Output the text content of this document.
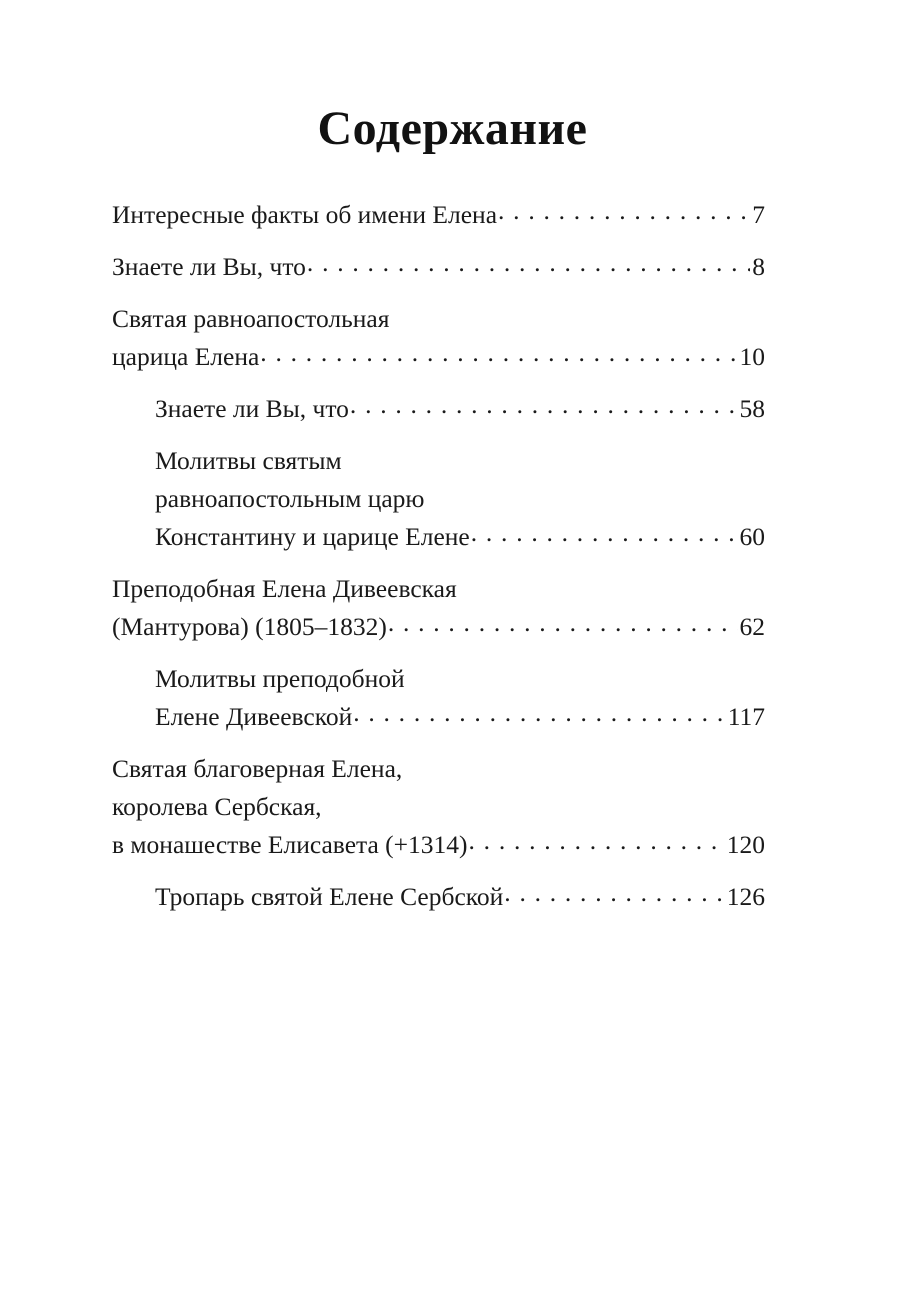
Содержание
Интересные факты об имени Елена . . .	7
Знаете ли Вы, что . . .	8
Святая равноапостольная
царица Елена . . .	10
Знаете ли Вы, что . . .	58
Молитвы святым
равноапостольным царю
Константину и царице Елене . . .	60
Преподобная Елена Дивеевская
(Мантурова) (1805–1832) . . .	62
Молитвы преподобной
Елене Дивеевской . . .	117
Святая благоверная Елена,
королева Сербская,
в монашестве Елисавета (+1314) . . .	120
Тропарь святой Елене Сербской . . .	126
